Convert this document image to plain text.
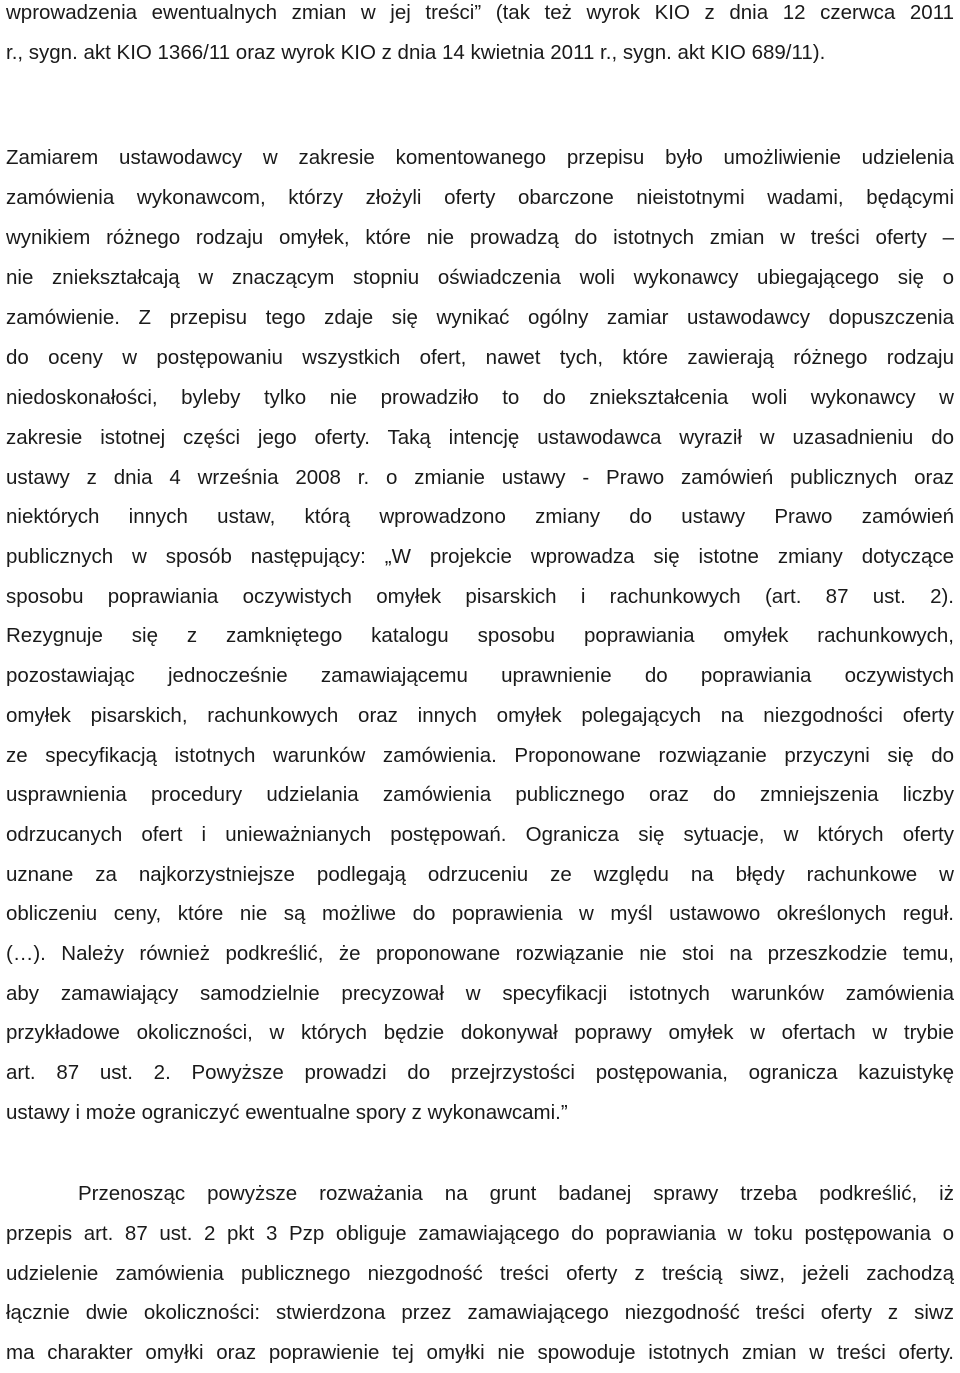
wprowadzenia ewentualnych zmian w jej treści” (tak też wyrok KIO z dnia 12 czerwca 2011
r., sygn. akt KIO 1366/11 oraz wyrok KIO z dnia 14 kwietnia 2011 r., sygn. akt KIO 689/11).
Zamiarem ustawodawcy w zakresie komentowanego przepisu było umożliwienie udzielenia
zamówienia wykonawcom, którzy złożyli oferty obarczone nieistotnymi wadami, będącymi
wynikiem różnego rodzaju omyłek, które nie prowadzą do istotnych zmian w treści oferty –
nie zniekształcają w znaczącym stopniu oświadczenia woli wykonawcy ubiegającego się o
zamówienie. Z przepisu tego zdaje się wynikać ogólny zamiar ustawodawcy dopuszczenia
do oceny w postępowaniu wszystkich ofert, nawet tych, które zawierają różnego rodzaju
niedoskonałości, byleby tylko nie prowadziło to do zniekształcenia woli wykonawcy w
zakresie istotnej części jego oferty. Taką intencję ustawodawca wyraził w uzasadnieniu do
ustawy z dnia 4 września 2008 r. o zmianie ustawy - Prawo zamówień publicznych oraz
niektórych innych ustaw, którą wprowadzono zmiany do ustawy Prawo zamówień
publicznych w sposób następujący: „W projekcie wprowadza się istotne zmiany dotyczące
sposobu poprawiania oczywistych omyłek pisarskich i rachunkowych (art. 87 ust. 2).
Rezygnuje się z zamkniętego katalogu sposobu poprawiania omyłek rachunkowych,
pozostawiając jednocześnie zamawiającemu uprawnienie do poprawiania oczywistych
omyłek pisarskich, rachunkowych oraz innych omyłek polegających na niezgodności oferty
ze specyfikacją istotnych warunków zamówienia. Proponowane rozwiązanie przyczyni się do
usprawnienia procedury udzielania zamówienia publicznego oraz do zmniejszenia liczby
odrzucanych ofert i unieważnianych postępowań. Ogranicza się sytuacje, w których oferty
uznane za najkorzystniejsze podlegają odrzuceniu ze względu na błędy rachunkowe w
obliczeniu ceny, które nie są możliwe do poprawienia w myśl ustawowo określonych reguł.
(…). Należy również podkreślić, że proponowane rozwiązanie nie stoi na przeszkodzie temu,
aby zamawiający samodzielnie precyzował w specyfikacji istotnych warunków zamówienia
przykładowe okoliczności, w których będzie dokonywał poprawy omyłek w ofertach w trybie
art. 87 ust. 2. Powyższe prowadzi do przejrzystości postępowania, ogranicza kazuistykę
ustawy i może ograniczyć ewentualne spory z wykonawcami.”
Przenosząc powyższe rozważania na grunt badanej sprawy trzeba podkreślić, iż
przepis art. 87 ust. 2 pkt 3 Pzp obliguje zamawiającego do poprawiania w toku postępowania o
udzielenie zamówienia publicznego niezgodność treści oferty z treścią siwz, jeżeli zachodzą
łącznie dwie okoliczności: stwierdzona przez zamawiającego niezgodność treści oferty z siwz
ma charakter omyłki oraz poprawienie tej omyłki nie spowoduje istotnych zmian w treści oferty.
